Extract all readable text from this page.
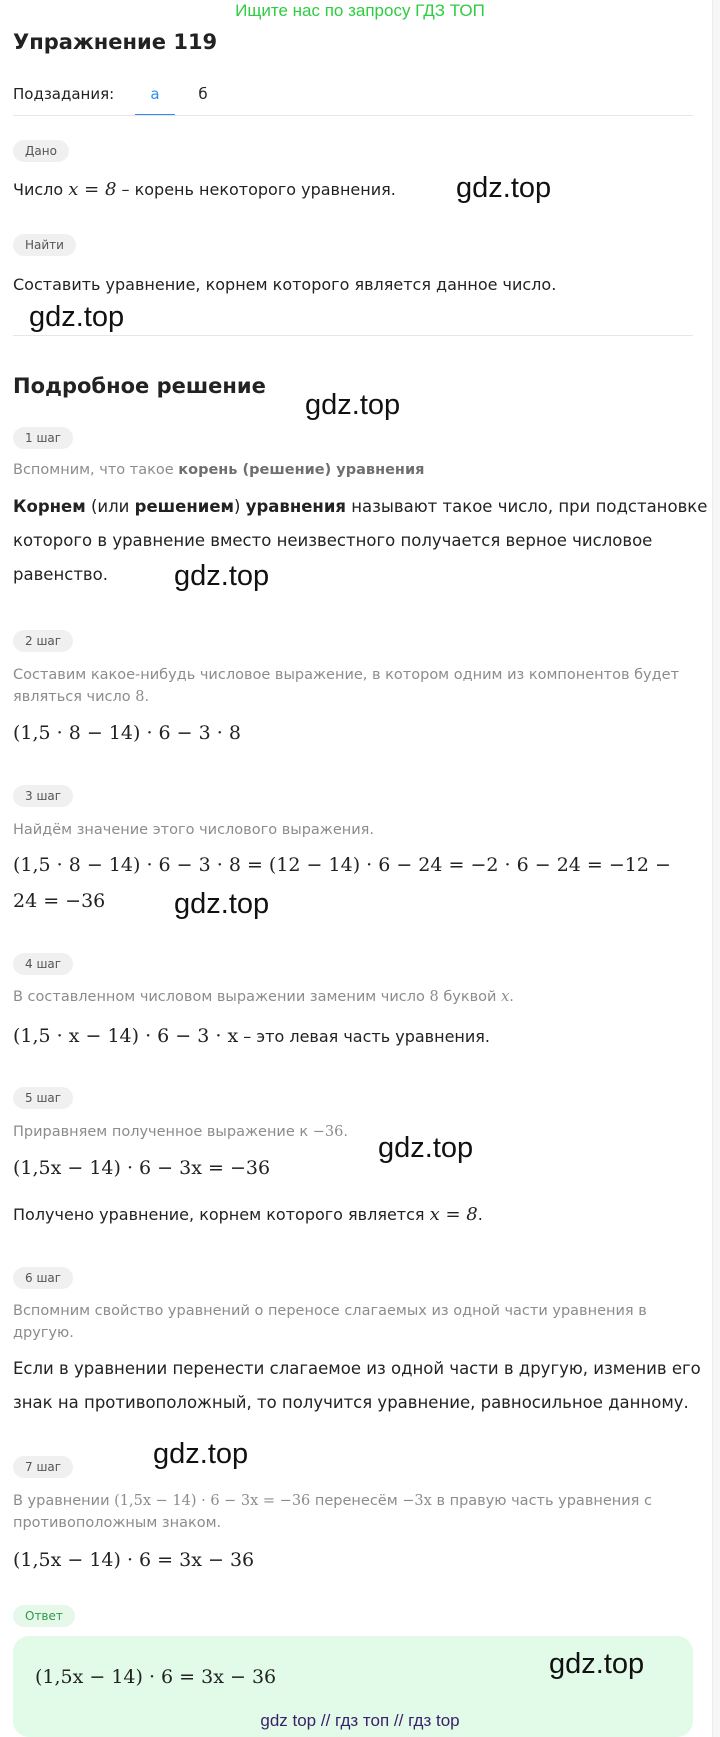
Ищите нас по запросу ГДЗ ТОП
Упражнение 119
Подзадания:	а	б
Дано
Число x = 8 – корень некоторого уравнения. gdz.top
Найти
Составить уравнение, корнем которого является данное число.
gdz.top
Подробное решение
gdz.top
1 шаг
Вспомним, что такое корень (решение) уравнения
Корнем (или решением) уравнения называют такое число, при подстановке
которого в уравнение вместо неизвестного получается верное числовое
равенство.	gdz.top
2 шаг
Составим какое-нибудь числовое выражение, в котором одним из компонентов будет
являться число 8.
(1,5 · 8 − 14) · 6 − 3 · 8
3 шаг
Найдём значение этого числового выражения.
(1,5 · 8 − 14) · 6 − 3 · 8 = (12 − 14) · 6 − 24 = −2 · 6 − 24 = −12 −
24 = −36 gdz.top
4 шаг
В составленном числовом выражении заменим число 8 буквой x.
(1,5 · x − 14) · 6 − 3 · x – это левая часть уравнения.
5 шаг
Приравняем полученное выражение к −36.
(1,5x − 14) · 6 − 3x = −36
gdz.top
Получено уравнение, корнем которого является x = 8.
6 шаг
Вспомним свойство уравнений о переносе слагаемых из одной части уравнения в
другую.
Если в уравнении перенести слагаемое из одной части в другую, изменив его
знак на противоположный, то получится уравнение, равносильное данному.
gdz.top
7 шаг
В уравнении (1,5x − 14) · 6 − 3x = −36 перенесём −3x в правую часть уравнения с
противоположным знаком.
(1,5x − 14) · 6 = 3x − 36
Ответ
(1,5x − 14) · 6 = 3x − 36	gdz.top
gdz top // гдз топ // гдз top
